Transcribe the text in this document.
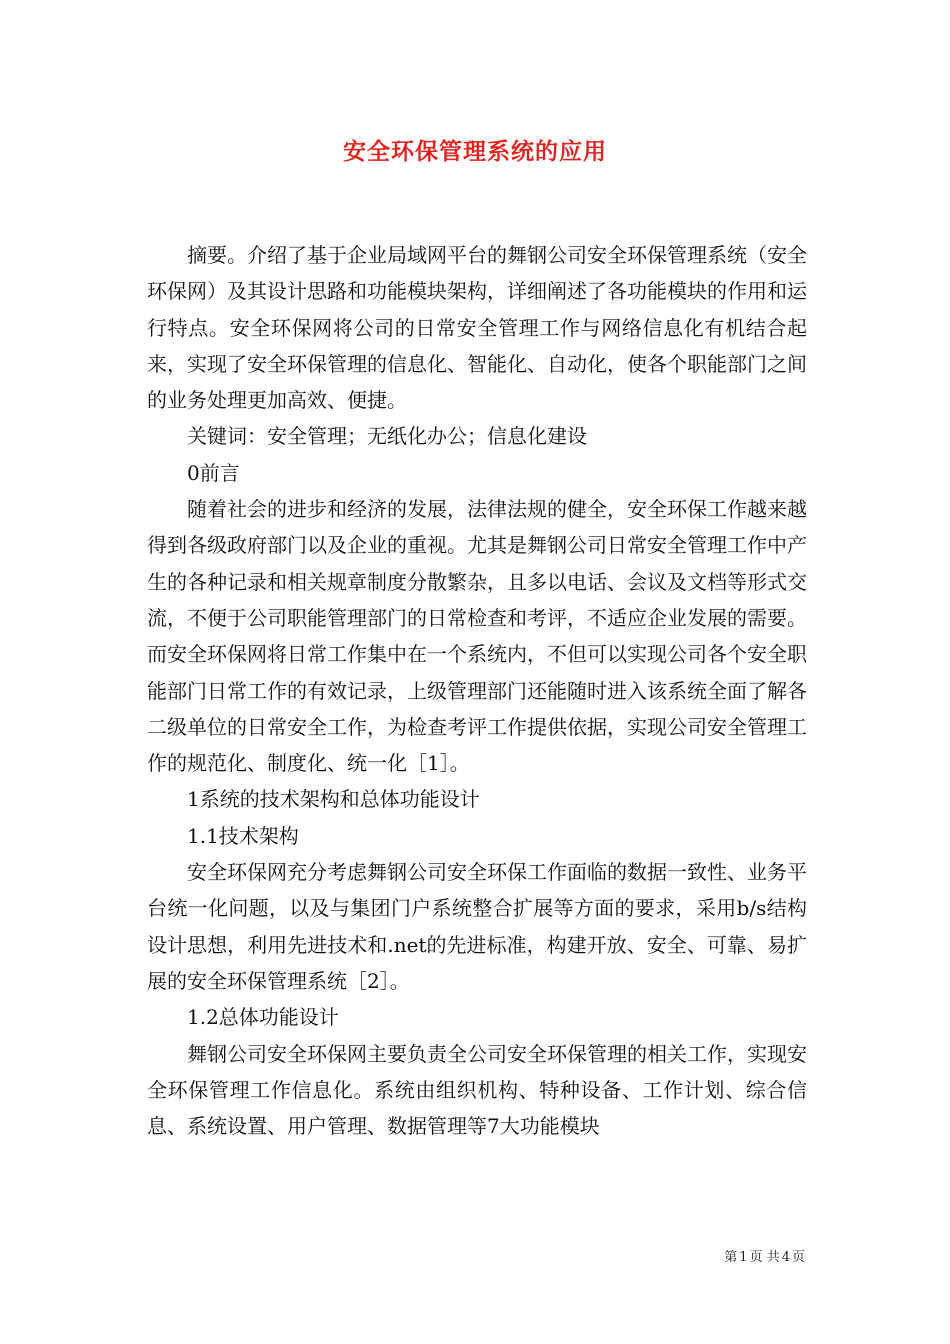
安全环保管理系统的应用

摘要。介绍了基于企业局域网平台的舞钢公司安全环保管理系统（安全环保网）及其设计思路和功能模块架构，详细阐述了各功能模块的作用和运行特点。安全环保网将公司的日常安全管理工作与网络信息化有机结合起来，实现了安全环保管理的信息化、智能化、自动化，使各个职能部门之间的业务处理更加高效、便捷。

关键词：安全管理；无纸化办公；信息化建设

0前言

随着社会的进步和经济的发展，法律法规的健全，安全环保工作越来越得到各级政府部门以及企业的重视。尤其是舞钢公司日常安全管理工作中产生的各种记录和相关规章制度分散繁杂，且多以电话、会议及文档等形式交流，不便于公司职能管理部门的日常检查和考评，不适应企业发展的需要。而安全环保网将日常工作集中在一个系统内，不但可以实现公司各个安全职能部门日常工作的有效记录，上级管理部门还能随时进入该系统全面了解各二级单位的日常安全工作，为检查考评工作提供依据，实现公司安全管理工作的规范化、制度化、统一化［1］。

1系统的技术架构和总体功能设计

1.1技术架构

安全环保网充分考虑舞钢公司安全环保工作面临的数据一致性、业务平台统一化问题，以及与集团门户系统整合扩展等方面的要求，采用b/s结构设计思想，利用先进技术和.net的先进标准，构建开放、安全、可靠、易扩展的安全环保管理系统［2］。

1.2总体功能设计

舞钢公司安全环保网主要负责全公司安全环保管理的相关工作，实现安全环保管理工作信息化。系统由组织机构、特种设备、工作计划、综合信息、系统设置、用户管理、数据管理等7大功能模块

第 1 页 共 4 页
